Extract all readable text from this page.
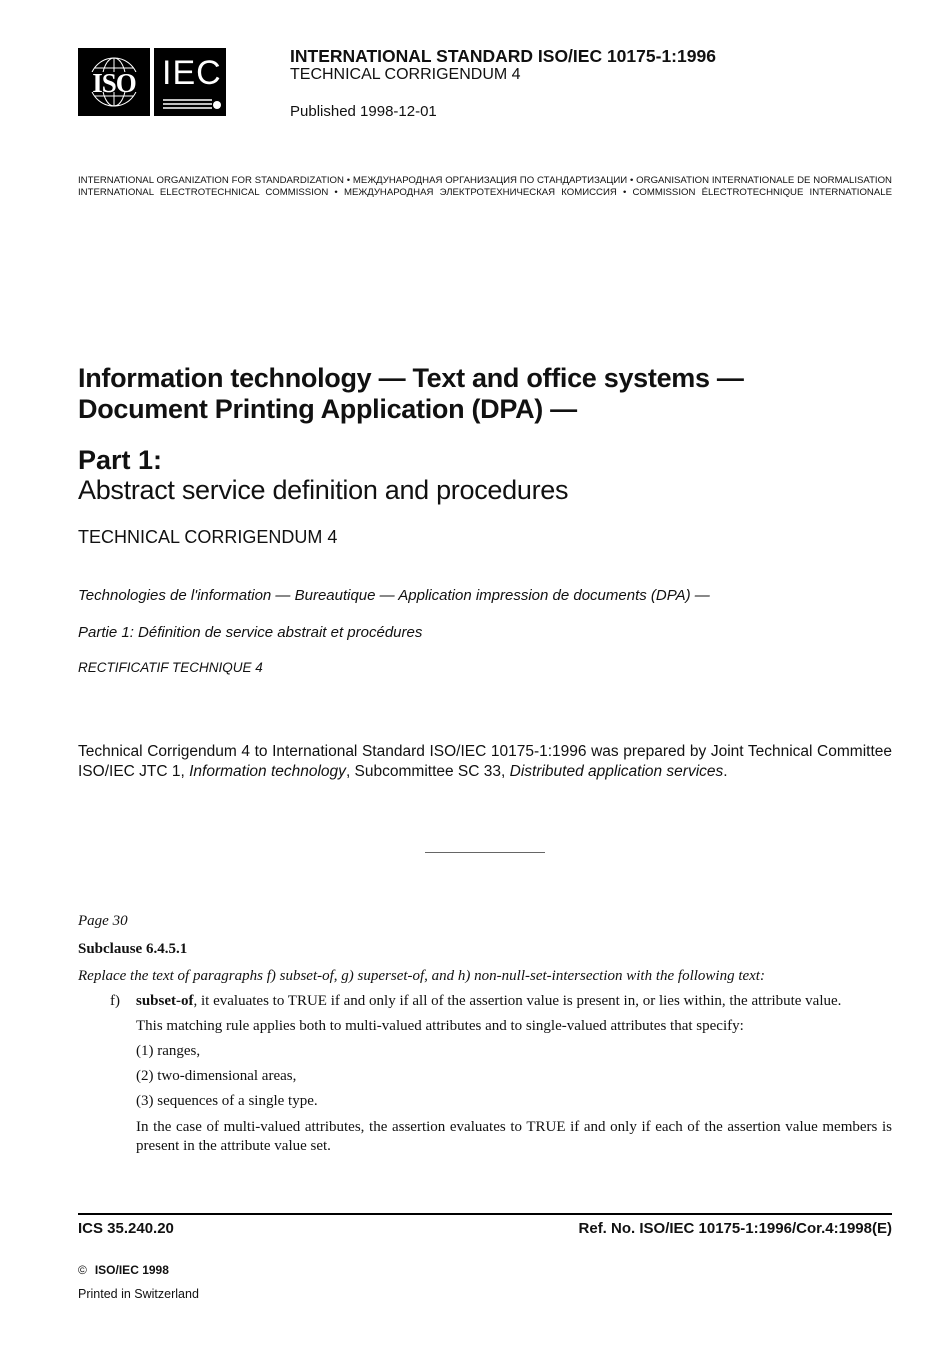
ISO IEC	INTERNATIONAL STANDARD ISO/IEC 10175-1:1996
TECHNICAL CORRIGENDUM 4
Published 1998-12-01
INTERNATIONAL ORGANIZATION FOR STANDARDIZATION • МЕЖДУНАРОДНАЯ ОРГАНИЗАЦИЯ ПО СТАНДАРТИЗАЦИИ • ORGANISATION INTERNATIONALE DE NORMALISATION
INTERNATIONAL ELECTROTECHNICAL COMMISSION • МЕЖДУНАРОДНАЯ ЭЛЕКТРОТЕХНИЧЕСКАЯ КОМИССИЯ • COMMISSION ÉLECTROTECHNIQUE INTERNATIONALE
Information technology — Text and office systems —
Document Printing Application (DPA) —
Part 1:
Abstract service definition and procedures
TECHNICAL CORRIGENDUM 4
Technologies de l'information — Bureautique — Application impression de documents (DPA) —
Partie 1: Définition de service abstrait et procédures
RECTIFICATIF TECHNIQUE 4
Technical Corrigendum 4 to International Standard ISO/IEC 10175-1:1996 was prepared by Joint Technical Committee ISO/IEC JTC 1, Information technology, Subcommittee SC 33, Distributed application services.
Page 30
Subclause 6.4.5.1
Replace the text of paragraphs f) subset-of, g) superset-of, and h) non-null-set-intersection with the following text:
f) subset-of, it evaluates to TRUE if and only if all of the assertion value is present in, or lies within, the attribute value.
This matching rule applies both to multi-valued attributes and to single-valued attributes that specify:
(1) ranges,
(2) two-dimensional areas,
(3) sequences of a single type.
In the case of multi-valued attributes, the assertion evaluates to TRUE if and only if each of the assertion value members is present in the attribute value set.
ICS 35.240.20	Ref. No. ISO/IEC 10175-1:1996/Cor.4:1998(E)
© ISO/IEC 1998
Printed in Switzerland
